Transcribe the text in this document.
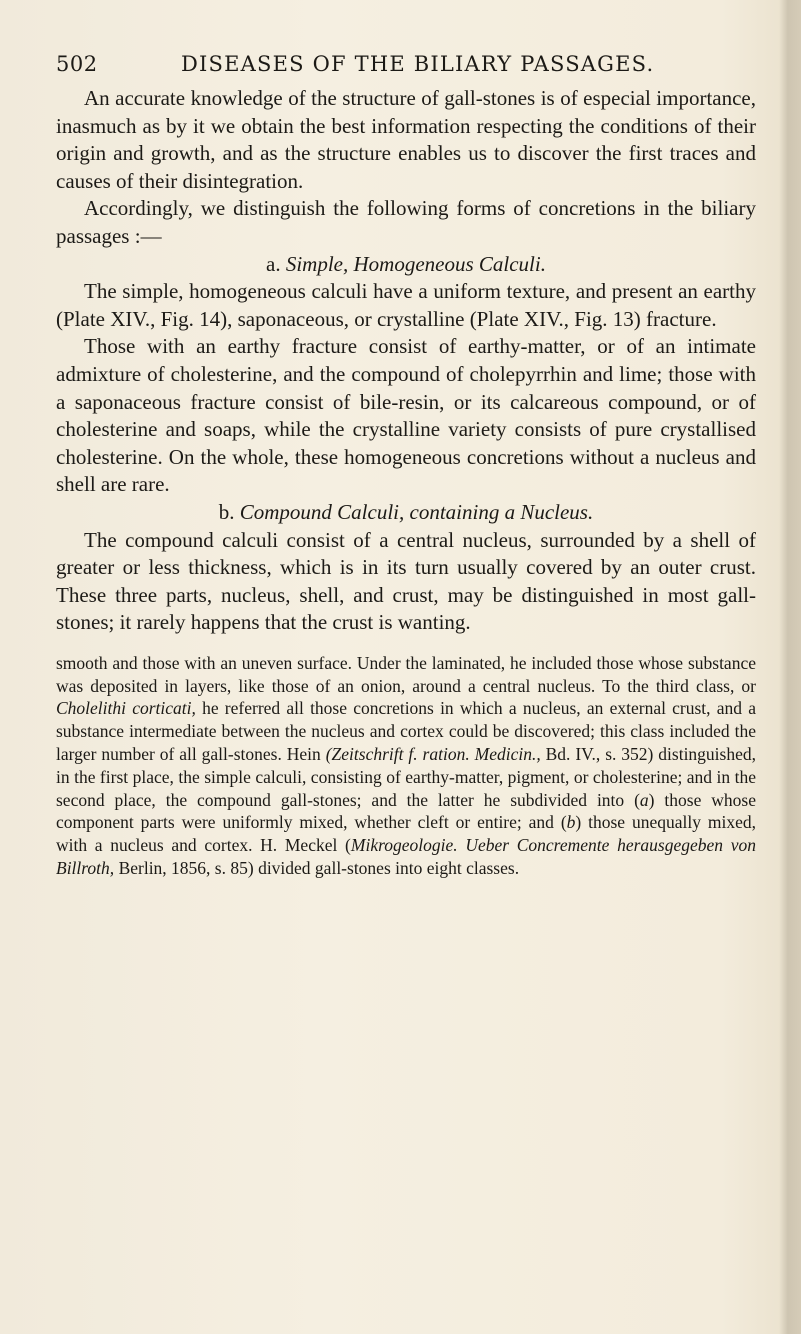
502	DISEASES OF THE BILIARY PASSAGES.

An accurate knowledge of the structure of gall-stones is of especial importance, inasmuch as by it we obtain the best information respecting the conditions of their origin and growth, and as the structure enables us to discover the first traces and causes of their disintegration.

Accordingly, we distinguish the following forms of concretions in the biliary passages :—

a. Simple, Homogeneous Calculi.

The simple, homogeneous calculi have a uniform texture, and present an earthy (Plate XIV., Fig. 14), saponaceous, or crystalline (Plate XIV., Fig. 13) fracture.

Those with an earthy fracture consist of earthy-matter, or of an intimate admixture of cholesterine, and the compound of cholepyrrhin and lime; those with a saponaceous fracture consist of bile-resin, or its calcareous compound, or of cholesterine and soaps, while the crystalline variety consists of pure crystallised cholesterine. On the whole, these homogeneous concretions without a nucleus and shell are rare.

b. Compound Calculi, containing a Nucleus.

The compound calculi consist of a central nucleus, surrounded by a shell of greater or less thickness, which is in its turn usually covered by an outer crust. These three parts, nucleus, shell, and crust, may be distinguished in most gall-stones; it rarely happens that the crust is wanting.

smooth and those with an uneven surface. Under the laminated, he included those whose substance was deposited in layers, like those of an onion, around a central nucleus. To the third class, or Cholelithi corticati, he referred all those concretions in which a nucleus, an external crust, and a substance intermediate between the nucleus and cortex could be discovered; this class included the larger number of all gall-stones. Hein (Zeitschrift f. ration. Medicin., Bd. IV., s. 352) distinguished, in the first place, the simple calculi, consisting of earthy-matter, pigment, or cholesterine; and in the second place, the compound gall-stones; and the latter he subdivided into (a) those whose component parts were uniformly mixed, whether cleft or entire; and (b) those unequally mixed, with a nucleus and cortex. H. Meckel (Mikrogeologie. Ueber Concremente herausgegeben von Billroth, Berlin, 1856, s. 85) divided gall-stones into eight classes.
